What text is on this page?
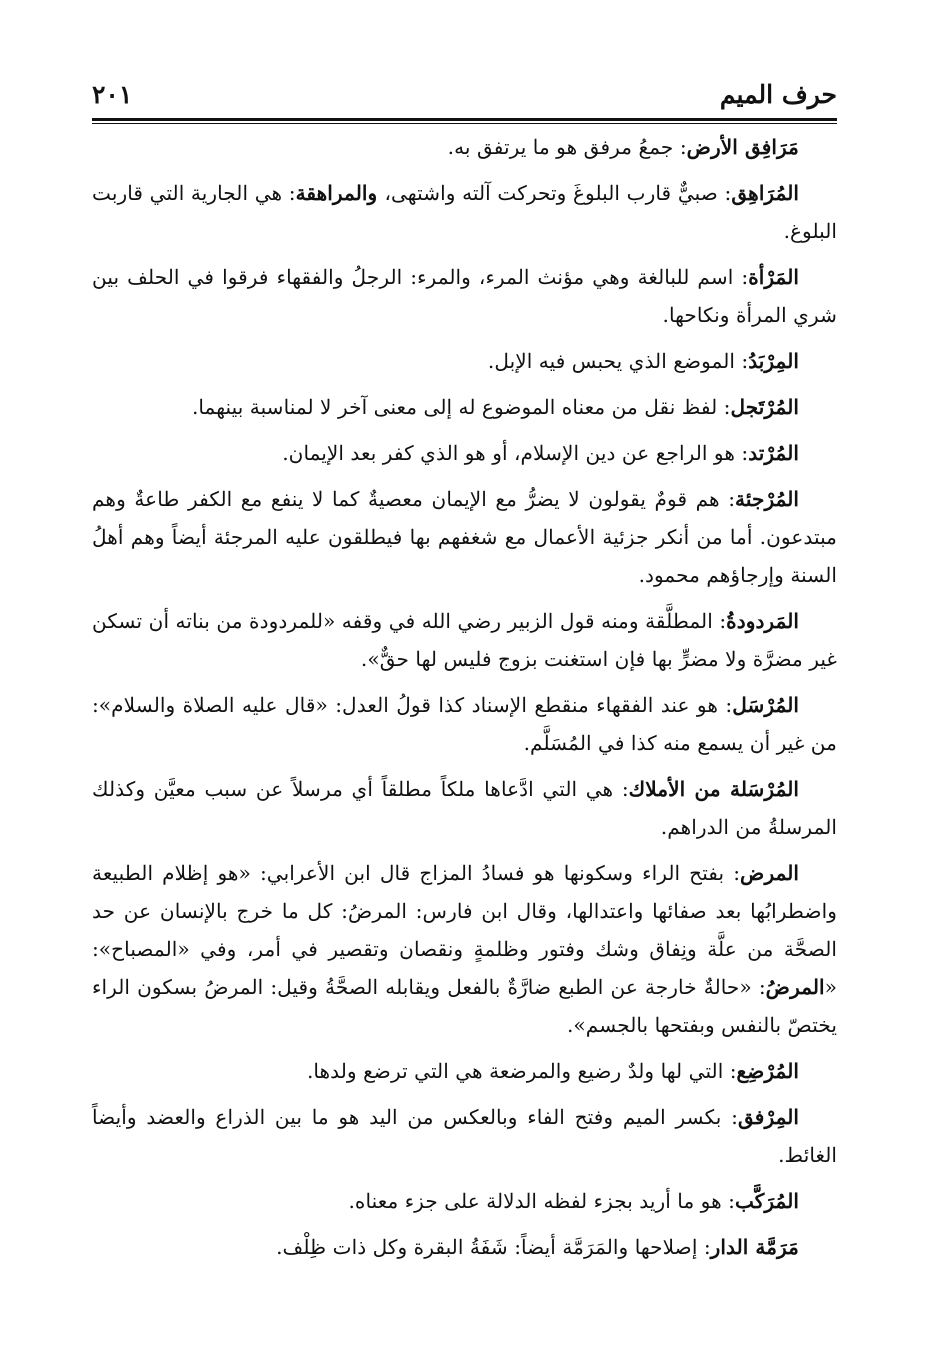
حرف الميم
٢٠١

مَرَافِق الأرض: جمعُ مرفق هو ما يرتفق به.

المُرَاهِق: صبيٌّ قارب البلوغَ وتحركت آلته واشتهى، والمراهقة: هي الجارية التي قاربت البلوغ.

المَرْأة: اسم للبالغة وهي مؤنث المرء، والمرء: الرجلُ والفقهاء فرقوا في الحلف بين شري المرأة ونكاحها.

المِرْبَدُ: الموضع الذي يحبس فيه الإبل.

المُرْتَجل: لفظ نقل من معناه الموضوع له إلى معنى آخر لا لمناسبة بينهما.

المُرْتد: هو الراجع عن دين الإسلام، أو هو الذي كفر بعد الإيمان.

المُرْجئة: هم قومٌ يقولون لا يضرُّ مع الإيمان معصيةٌ كما لا ينفع مع الكفر طاعةٌ وهم مبتدعون. أما من أنكر جزئية الأعمال مع شغفهم بها فيطلقون عليه المرجئة أيضاً وهم أهلُ السنة وإرجاؤهم محمود.

المَردودةُ: المطلَّقة ومنه قول الزبير رضي الله في وقفه «للمردودة من بناته أن تسكن غير مضرَّة ولا مضرٍّ بها فإن استغنت بزوج فليس لها حقٌّ».

المُرْسَل: هو عند الفقهاء منقطع الإسناد كذا قولُ العدل: «قال عليه الصلاة والسلام»: من غير أن يسمع منه كذا في المُسَلَّم.

المُرْسَلة من الأملاك: هي التي ادَّعاها ملكاً مطلقاً أي مرسلاً عن سبب معيَّن وكذلك المرسلةُ من الدراهم.

المرض: بفتح الراء وسكونها هو فسادُ المزاج قال ابن الأعرابي: «هو إظلام الطبيعة واضطرابُها بعد صفائها واعتدالها، وقال ابن فارس: المرضُ: كل ما خرج بالإنسان عن حد الصحَّة من علَّة ونِفاق وشك وفتور وظلمةٍ ونقصان وتقصير في أمر، وفي «المصباح»: «المرضُ: «حالةٌ خارجة عن الطبع ضارَّةٌ بالفعل ويقابله الصحَّةُ وقيل: المرضُ بسكون الراء يختصّ بالنفس وبفتحها بالجسم».

المُرْضِع: التي لها ولدٌ رضيع والمرضعة هي التي ترضع ولدها.

المِرْفق: بكسر الميم وفتح الفاء وبالعكس من اليد هو ما بين الذراع والعضد وأيضاً الغائط.

المُرَكَّب: هو ما أريد بجزء لفظه الدلالة على جزء معناه.

مَرَمَّة الدار: إصلاحها والمَرَمَّة أيضاً: شَفَةُ البقرة وكل ذات ظِلْف.
